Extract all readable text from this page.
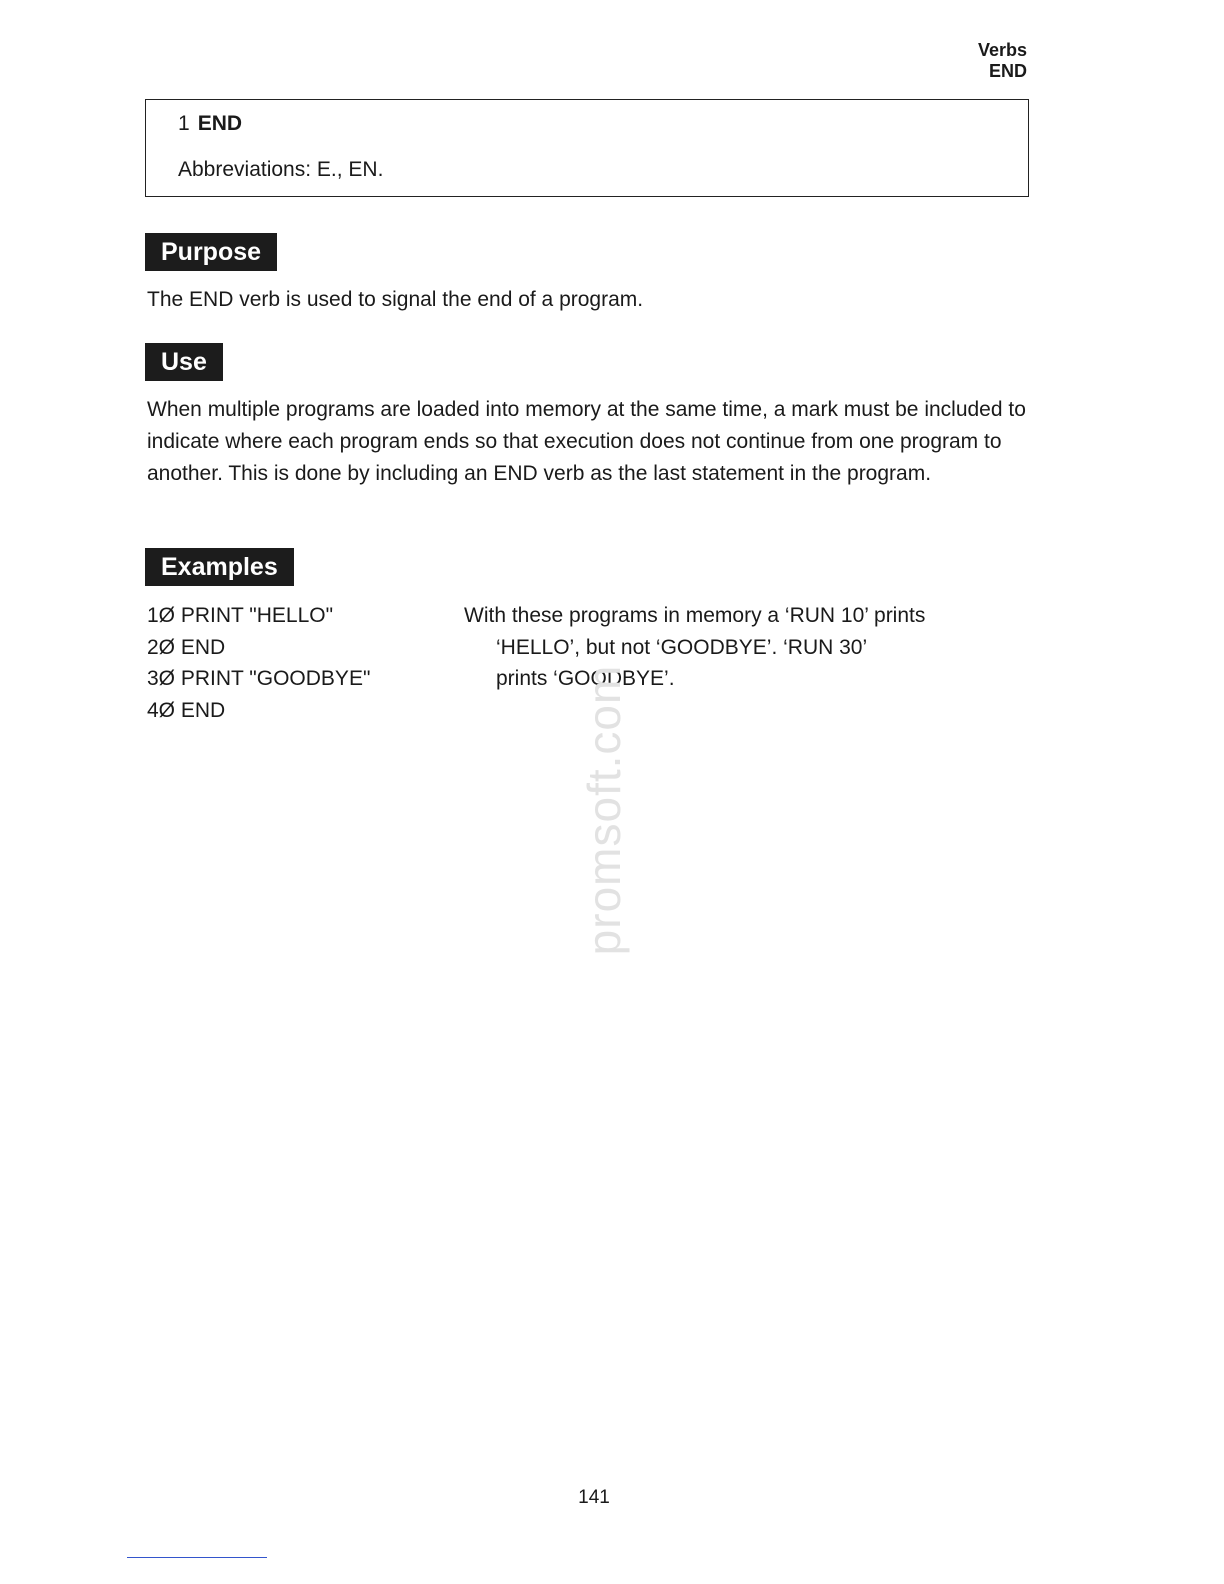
Verbs
END
1 END
Abbreviations: E., EN.
Purpose

The END verb is used to signal the end of a program.

Use

When multiple programs are loaded into memory at the same time, a mark must be included to indicate where each program ends so that execution does not continue from one program to another. This is done by including an END verb as the last statement in the program.

Examples
1Ø PRINT "HELLO"
2Ø END
3Ø PRINT "GOODBYE"
4Ø END
With these programs in memory a ‘RUN 10’ prints
‘HELLO’, but not ‘GOODBYE’. ‘RUN 30’
prints ‘GOODBYE’.
promsoft.com
141
